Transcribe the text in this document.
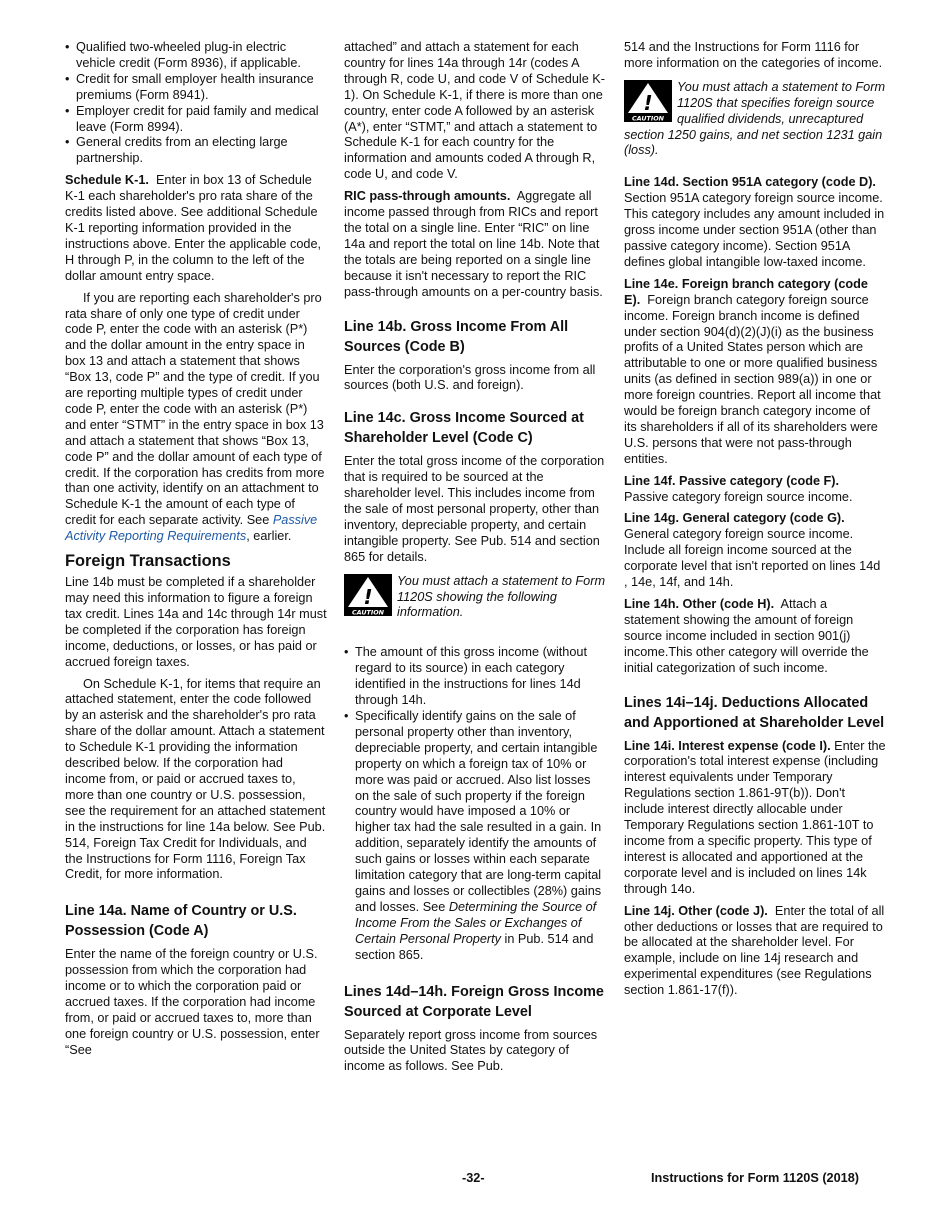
• Qualified two-wheeled plug-in electric vehicle credit (Form 8936), if applicable.
• Credit for small employer health insurance premiums (Form 8941).
• Employer credit for paid family and medical leave (Form 8994).
• General credits from an electing large partnership.

Schedule K-1. Enter in box 13 of Schedule K-1 each shareholder's pro rata share of the credits listed above. See additional Schedule K-1 reporting information provided in the instructions above. Enter the applicable code, H through P, in the column to the left of the dollar amount entry space.

If you are reporting each shareholder's pro rata share of only one type of credit under code P, enter the code with an asterisk (P*) and the dollar amount in the entry space in box 13 and attach a statement that shows “Box 13, code P” and the type of credit. If you are reporting multiple types of credit under code P, enter the code with an asterisk (P*) and enter “STMT” in the entry space in box 13 and attach a statement that shows “Box 13, code P” and the dollar amount of each type of credit. If the corporation has credits from more than one activity, identify on an attachment to Schedule K-1 the amount of each type of credit for each separate activity. See Passive Activity Reporting Requirements, earlier.

Foreign Transactions

Line 14b must be completed if a shareholder may need this information to figure a foreign tax credit. Lines 14a and 14c through 14r must be completed if the corporation has foreign income, deductions, or losses, or has paid or accrued foreign taxes.

On Schedule K-1, for items that require an attached statement, enter the code followed by an asterisk and the shareholder's pro rata share of the dollar amount. Attach a statement to Schedule K-1 providing the information described below. If the corporation had income from, or paid or accrued taxes to, more than one country or U.S. possession, see the requirement for an attached statement in the instructions for line 14a below. See Pub. 514, Foreign Tax Credit for Individuals, and the Instructions for Form 1116, Foreign Tax Credit, for more information.

Line 14a. Name of Country or U.S. Possession (Code A)

Enter the name of the foreign country or U.S. possession from which the corporation had income or to which the corporation paid or accrued taxes. If the corporation had income from, or paid or accrued taxes to, more than one foreign country or U.S. possession, enter “See

attached” and attach a statement for each country for lines 14a through 14r (codes A through R, code U, and code V of Schedule K-1). On Schedule K-1, if there is more than one country, enter code A followed by an asterisk (A*), enter “STMT,” and attach a statement to Schedule K-1 for each country for the information and amounts coded A through R, code U, and code V.

RIC pass-through amounts. Aggregate all income passed through from RICs and report the total on a single line. Enter “RIC” on line 14a and report the total on line 14b. Note that the totals are being reported on a single line because it isn't necessary to report the RIC pass-through amounts on a per-country basis.

Line 14b. Gross Income From All Sources (Code B)

Enter the corporation's gross income from all sources (both U.S. and foreign).

Line 14c. Gross Income Sourced at Shareholder Level (Code C)

Enter the total gross income of the corporation that is required to be sourced at the shareholder level. This includes income from the sale of most personal property, other than inventory, depreciable property, and certain intangible property. See Pub. 514 and section 865 for details.

!
CAUTION
You must attach a statement to Form 1120S showing the following information.
• The amount of this gross income (without regard to its source) in each category identified in the instructions for lines 14d through 14h.
• Specifically identify gains on the sale of personal property other than inventory, depreciable property, and certain intangible property on which a foreign tax of 10% or more was paid or accrued. Also list losses on the sale of such property if the foreign country would have imposed a 10% or higher tax had the sale resulted in a gain. In addition, separately identify the amounts of such gains or losses within each separate limitation category that are long-term capital gains and losses or collectibles (28%) gains and losses. See Determining the Source of Income From the Sales or Exchanges of Certain Personal Property in Pub. 514 and section 865.
Lines 14d–14h. Foreign Gross Income Sourced at Corporate Level

Separately report gross income from sources outside the United States by category of income as follows. See Pub.

514 and the Instructions for Form 1116 for more information on the categories of income.

!
CAUTION
You must attach a statement to Form 1120S that specifies foreign source qualified dividends, unrecaptured section 1250 gains, and net section 1231 gain (loss).

Line 14d. Section 951A category (code D).  Section 951A category foreign source income. This category includes any amount included in gross income under section 951A (other than passive category income). Section 951A defines global intangible low-taxed income.

Line 14e. Foreign branch category (code E). Foreign branch category foreign source income. Foreign branch income is defined under section 904(d)(2)(J)(i) as the business profits of a United States person which are attributable to one or more qualified business units (as defined in section 989(a)) in one or more foreign countries. Report all income that would be foreign branch category income of its shareholders if all of its shareholders were U.S. persons that were not pass-through entities.

Line 14f. Passive category (code F). Passive category foreign source income.

Line 14g. General category (code G). General category foreign source income. Include all foreign income sourced at the corporate level that isn't reported on lines 14d , 14e, 14f, and 14h.

Line 14h. Other (code H). Attach a statement showing the amount of foreign source income included in section 901(j) income.This other category will override the initial categorization of such income.

Lines 14i–14j. Deductions Allocated and Apportioned at Shareholder Level

Line 14i. Interest expense (code I). Enter the corporation's total interest expense (including interest equivalents under Temporary Regulations section 1.861-9T(b)). Don't include interest directly allocable under Temporary Regulations section 1.861-10T to income from a specific property. This type of interest is allocated and apportioned at the corporate level and is included on lines 14k through 14o.

Line 14j. Other (code J). Enter the total of all other deductions or losses that are required to be allocated at the shareholder level. For example, include on line 14j research and experimental expenditures (see Regulations section 1.861-17(f)).

-32-	Instructions for Form 1120S (2018)
